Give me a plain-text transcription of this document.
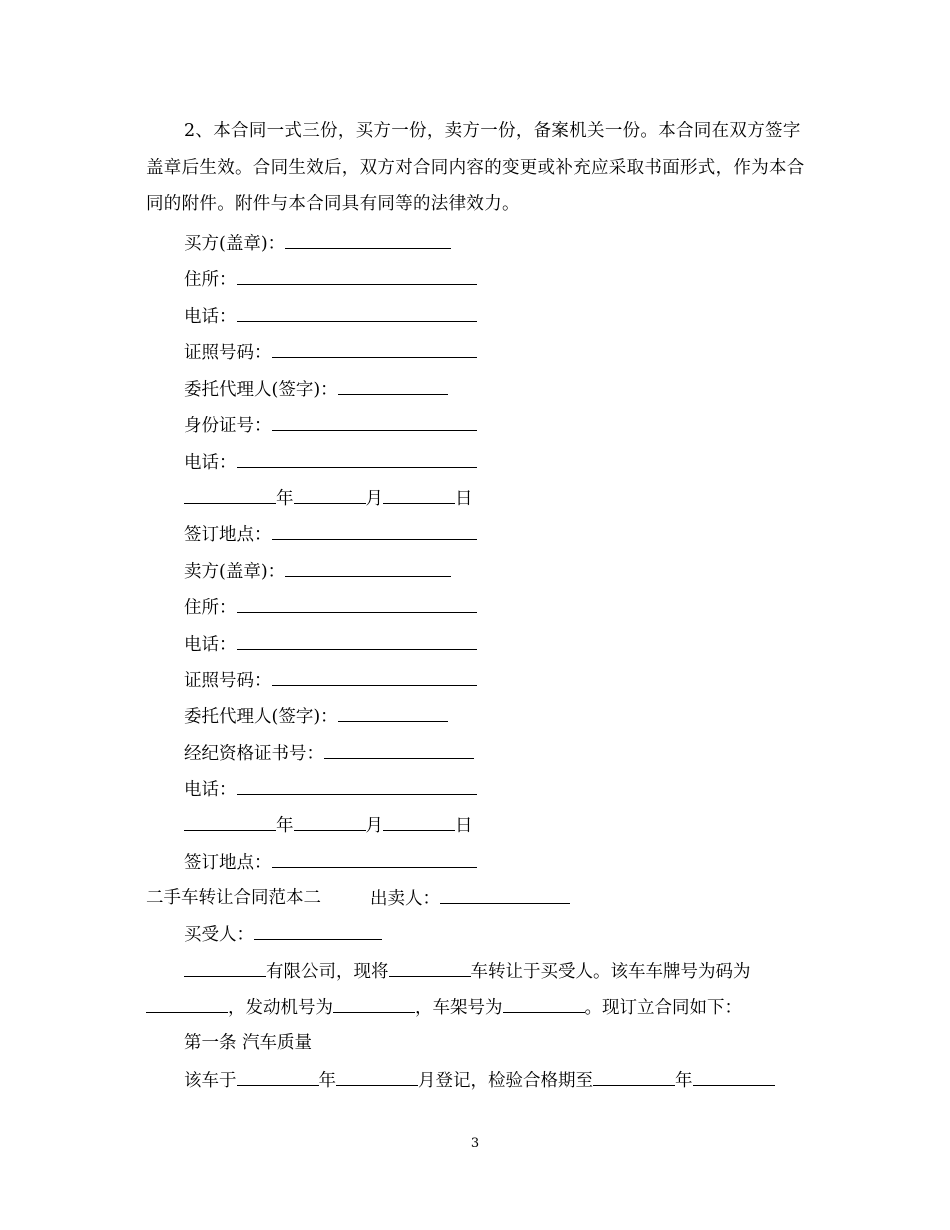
2、本合同一式三份，买方一份，卖方一份，备案机关一份。本合同在双方签字盖章后生效。合同生效后，双方对合同内容的变更或补充应采取书面形式，作为本合同的附件。附件与本合同具有同等的法律效力。
买方(盖章)：
住所：
电话：
证照号码：
委托代理人(签字)：
身份证号：
电话：
年	月	日
签订地点：
卖方(盖章)：
住所：
电话：
证照号码：
委托代理人(签字)：
经纪资格证书号：
电话：
年	月	日
签订地点：
二手车转让合同范本二	出卖人：
买受人：
有限公司，现将	车转让于买受人。该车车牌号为码为
，发动机号为	，车架号为	。现订立合同如下：
第一条 汽车质量
该车于	年	月登记，检验合格期至	年
3
